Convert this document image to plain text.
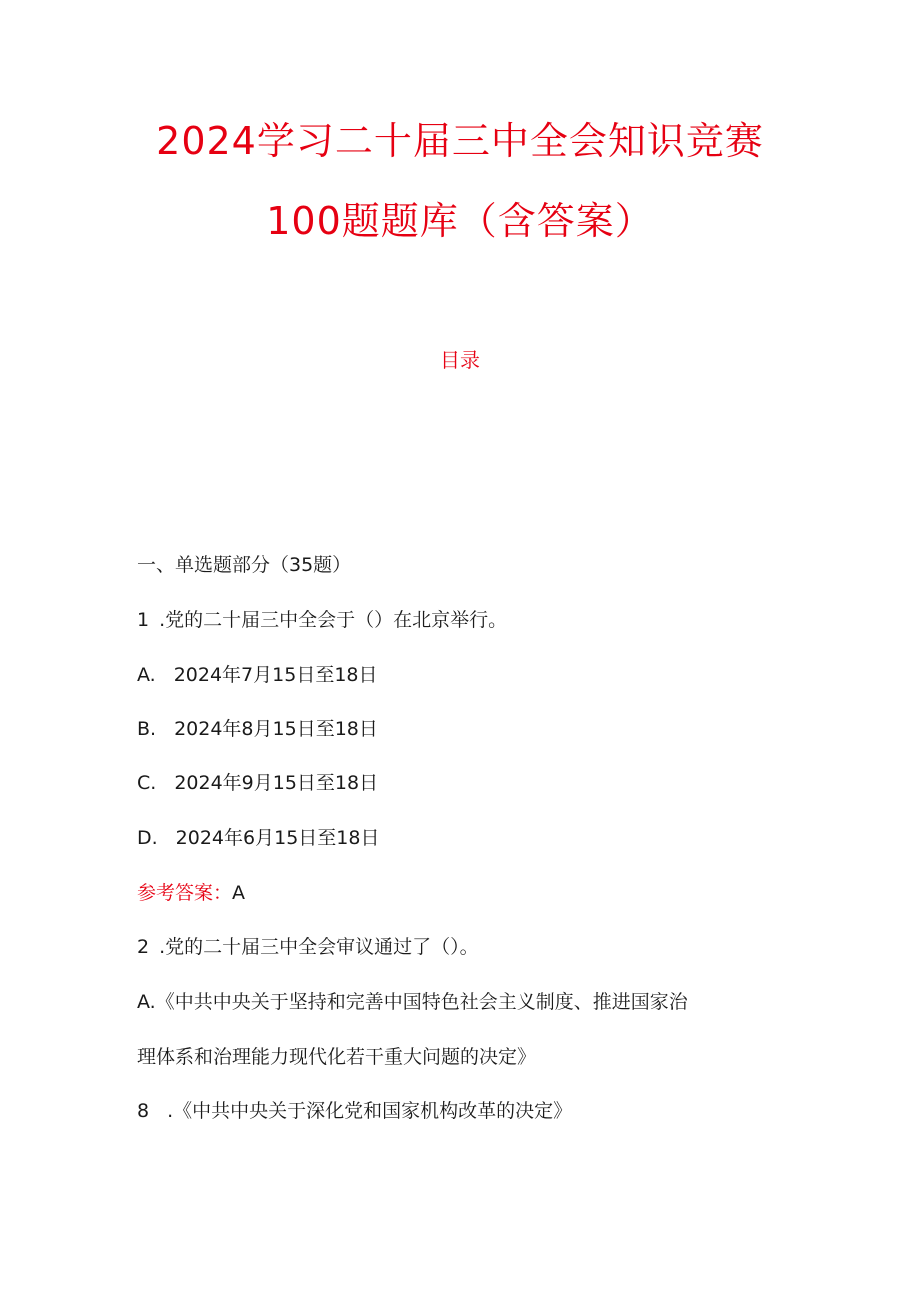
2024学习二十届三中全会知识竞赛
100题题库（含答案）
目录
一、单选题部分（35题）
1 .党的二十届三中全会于（）在北京举行。
A. 2024年7月15日至18日
B. 2024年8月15日至18日
C. 2024年9月15日至18日
D. 2024年6月15日至18日
参考答案：A
2 .党的二十届三中全会审议通过了（）。
A.《中共中央关于坚持和完善中国特色社会主义制度、推进国家治
理体系和治理能力现代化若干重大问题的决定》
8 .《中共中央关于深化党和国家机构改革的决定》
